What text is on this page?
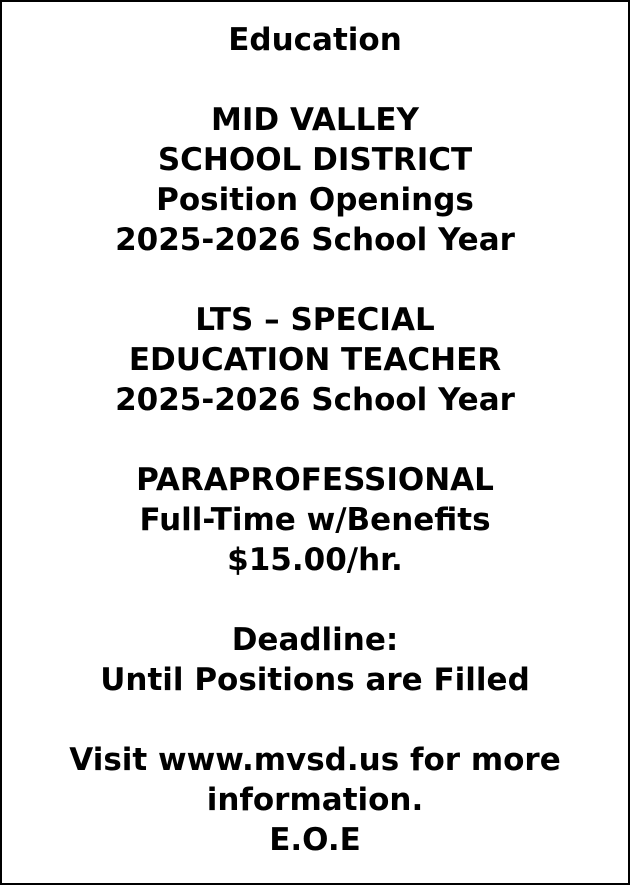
Education
MID VALLEY
SCHOOL DISTRICT
Position Openings
2025-2026 School Year
LTS – SPECIAL
EDUCATION TEACHER
2025-2026 School Year
PARAPROFESSIONAL
Full-Time w/Benefits
$15.00/hr.
Deadline:
Until Positions are Filled
Visit www.mvsd.us for more
information.
E.O.E
